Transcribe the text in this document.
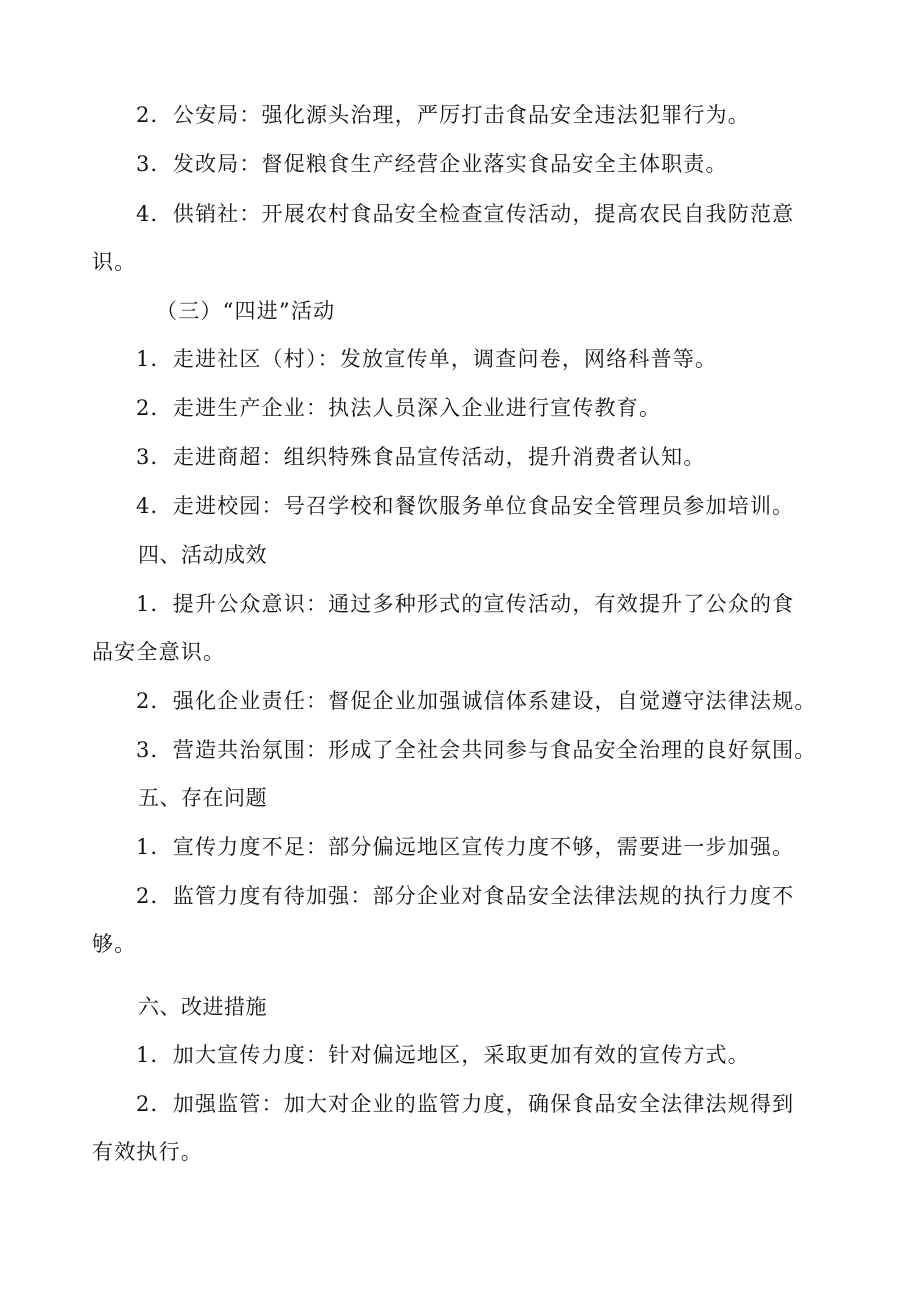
2．公安局：强化源头治理，严厉打击食品安全违法犯罪行为。
3．发改局：督促粮食生产经营企业落实食品安全主体职责。
4．供销社：开展农村食品安全检查宣传活动，提高农民自我防范意
识。
（三）“四进”活动
1．走进社区（村）：发放宣传单，调查问卷，网络科普等。
2．走进生产企业：执法人员深入企业进行宣传教育。
3．走进商超：组织特殊食品宣传活动，提升消费者认知。
4．走进校园：号召学校和餐饮服务单位食品安全管理员参加培训。
四、活动成效
1．提升公众意识：通过多种形式的宣传活动，有效提升了公众的食
品安全意识。
2．强化企业责任：督促企业加强诚信体系建设，自觉遵守法律法规。
3．营造共治氛围：形成了全社会共同参与食品安全治理的良好氛围。
五、存在问题
1．宣传力度不足：部分偏远地区宣传力度不够，需要进一步加强。
2．监管力度有待加强：部分企业对食品安全法律法规的执行力度不
够。
六、改进措施
1．加大宣传力度：针对偏远地区，采取更加有效的宣传方式。
2．加强监管：加大对企业的监管力度，确保食品安全法律法规得到
有效执行。
